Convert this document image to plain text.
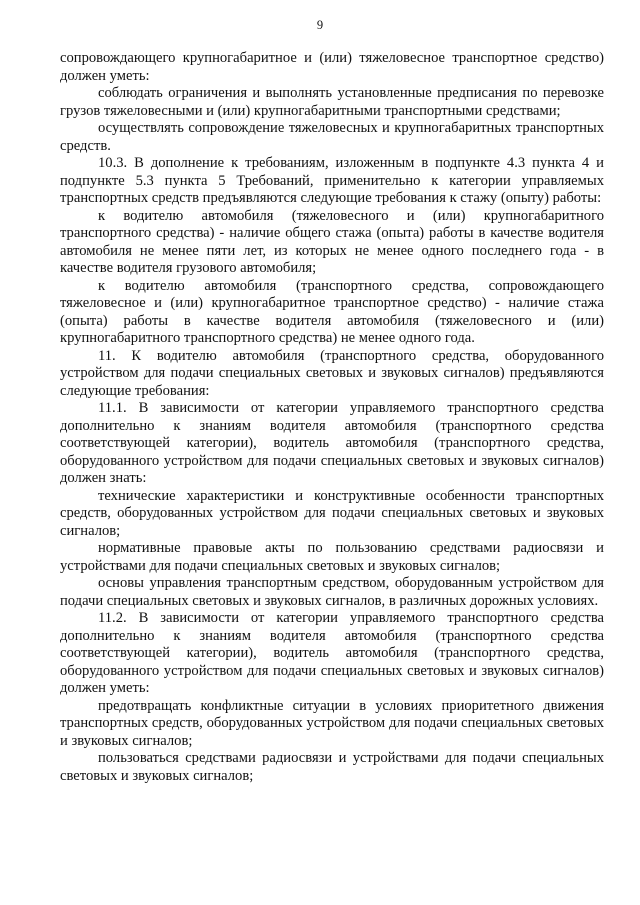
9

сопровождающего крупногабаритное и (или) тяжеловесное транспортное средство) должен уметь:

соблюдать ограничения и выполнять установленные предписания по перевозке грузов тяжеловесными и (или) крупногабаритными транспортными средствами;

осуществлять сопровождение тяжеловесных и крупногабаритных транспортных средств.

10.3. В дополнение к требованиям, изложенным в подпункте 4.3 пункта 4 и подпункте 5.3 пункта 5 Требований, применительно к категории управляемых транспортных средств предъявляются следующие требования к стажу (опыту) работы:

к водителю автомобиля (тяжеловесного и (или) крупногабаритного транспортного средства) - наличие общего стажа (опыта) работы в качестве водителя автомобиля не менее пяти лет, из которых не менее одного последнего года - в качестве водителя грузового автомобиля;

к водителю автомобиля (транспортного средства, сопровождающего тяжеловесное и (или) крупногабаритное транспортное средство) - наличие стажа (опыта) работы в качестве водителя автомобиля (тяжеловесного и (или) крупногабаритного транспортного средства) не менее одного года.

11. К водителю автомобиля (транспортного средства, оборудованного устройством для подачи специальных световых и звуковых сигналов) предъявляются следующие требования:

11.1. В зависимости от категории управляемого транспортного средства дополнительно к знаниям водителя автомобиля (транспортного средства соответствующей категории), водитель автомобиля (транспортного средства, оборудованного устройством для подачи специальных световых и звуковых сигналов) должен знать:

технические характеристики и конструктивные особенности транспортных средств, оборудованных устройством для подачи специальных световых и звуковых сигналов;

нормативные правовые акты по пользованию средствами радиосвязи и устройствами для подачи специальных световых и звуковых сигналов;

основы управления транспортным средством, оборудованным устройством для подачи специальных световых и звуковых сигналов, в различных дорожных условиях.

11.2. В зависимости от категории управляемого транспортного средства дополнительно к знаниям водителя автомобиля (транспортного средства соответствующей категории), водитель автомобиля (транспортного средства, оборудованного устройством для подачи специальных световых и звуковых сигналов) должен уметь:

предотвращать конфликтные ситуации в условиях приоритетного движения транспортных средств, оборудованных устройством для подачи специальных световых и звуковых сигналов;

пользоваться средствами радиосвязи и устройствами для подачи специальных световых и звуковых сигналов;
